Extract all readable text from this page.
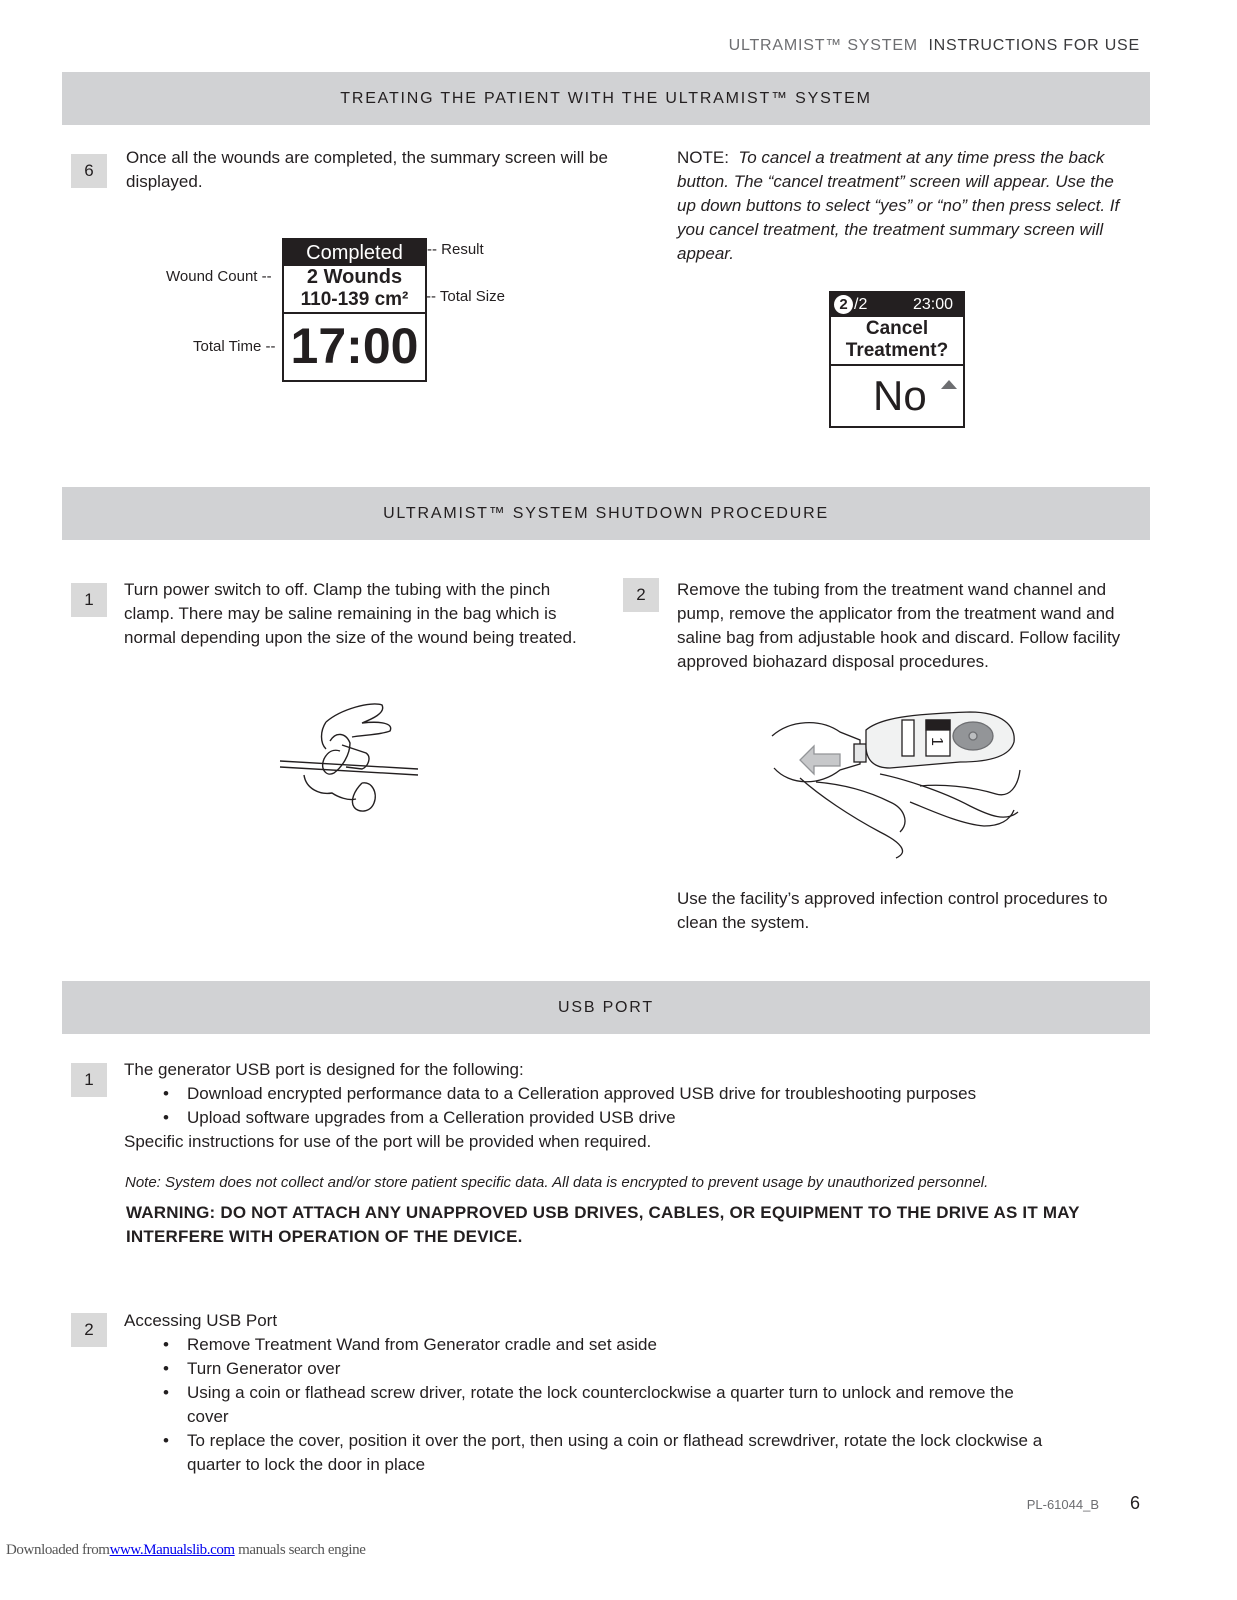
ULTRAMIST™ SYSTEM INSTRUCTIONS FOR USE
TREATING THE PATIENT WITH THE ULTRAMIST™ SYSTEM
6
Once all the wounds are completed, the summary screen will be displayed.
NOTE: To cancel a treatment at any time press the back button. The “cancel treatment” screen will appear. Use the up down buttons to select “yes” or “no” then press select. If you cancel treatment, the treatment summary screen will appear.
Completed
2 Wounds
110-139 cm²
17:00
-- Result
Wound Count --
-- Total Size
Total Time --
2 /2	23:00
Cancel
Treatment?
No
ULTRAMIST™ SYSTEM SHUTDOWN PROCEDURE
1
Turn power switch to off. Clamp the tubing with the pinch clamp. There may be saline remaining in the bag which is normal depending upon the size of the wound being treated.
2	Remove the tubing from the treatment wand channel and pump, remove the applicator from the treatment wand and saline bag from adjustable hook and discard. Follow facility approved biohazard disposal procedures.
1
Use the facility’s approved infection control procedures to clean the system.
USB PORT
1
The generator USB port is designed for the following:
• Download encrypted performance data to a Celleration approved USB drive for troubleshooting purposes
• Upload software upgrades from a Celleration provided USB drive
Specific instructions for use of the port will be provided when required.
Note: System does not collect and/or store patient specific data. All data is encrypted to prevent usage by unauthorized personnel.
WARNING: DO NOT ATTACH ANY UNAPPROVED USB DRIVES, CABLES, OR EQUIPMENT TO THE DRIVE AS IT MAY INTERFERE WITH OPERATION OF THE DEVICE.
2	Accessing USB Port
• Remove Treatment Wand from Generator cradle and set aside
• Turn Generator over
• Using a coin or flathead screw driver, rotate the lock counterclockwise a quarter turn to unlock and remove the cover
• To replace the cover, position it over the port, then using a coin or flathead screwdriver, rotate the lock clockwise a quarter to lock the door in place
PL-61044_B 6
Downloaded fromwww.Manualslib.com manuals search engine
